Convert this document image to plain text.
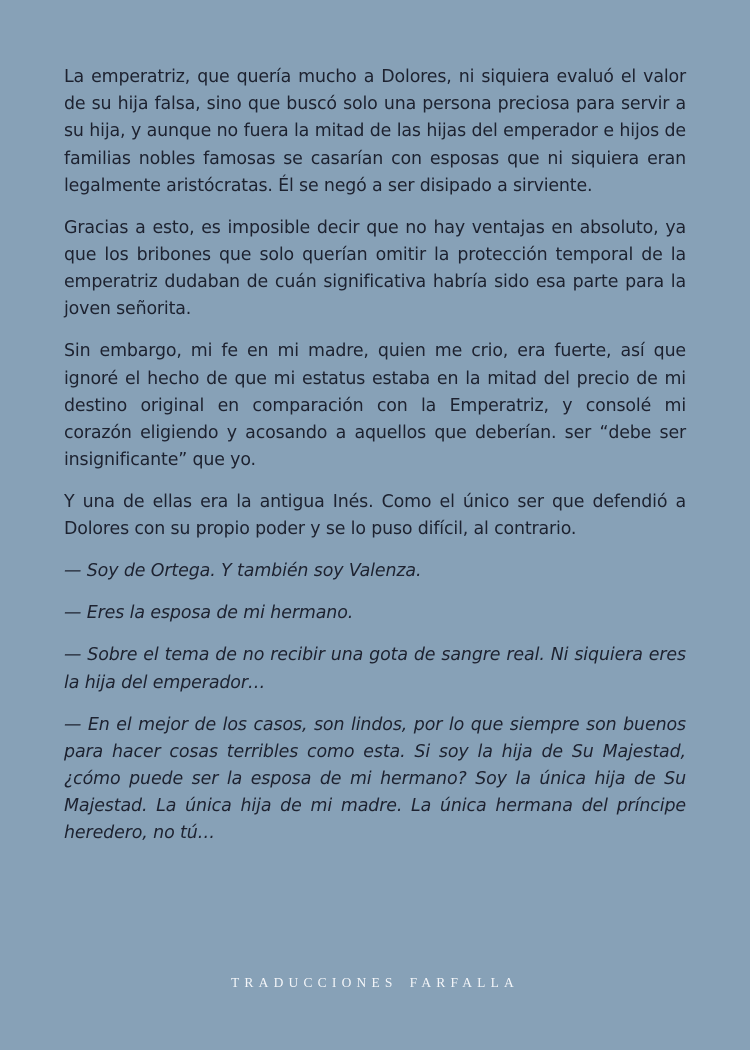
La emperatriz, que quería mucho a Dolores, ni siquiera evaluó el valor de su hija falsa, sino que buscó solo una persona preciosa para servir a su hija, y aunque no fuera la mitad de las hijas del emperador e hijos de familias nobles famosas se casarían con esposas que ni siquiera eran legalmente aristócratas. Él se negó a ser disipado a sirviente.

Gracias a esto, es imposible decir que no hay ventajas en absoluto, ya que los bribones que solo querían omitir la protección temporal de la emperatriz dudaban de cuán significativa habría sido esa parte para la joven señorita.

Sin embargo, mi fe en mi madre, quien me crio, era fuerte, así que ignoré el hecho de que mi estatus estaba en la mitad del precio de mi destino original en comparación con la Emperatriz, y consolé mi corazón eligiendo y acosando a aquellos que deberían. ser “debe ser insignificante” que yo.

Y una de ellas era la antigua Inés. Como el único ser que defendió a Dolores con su propio poder y se lo puso difícil, al contrario.

— Soy de Ortega. Y también soy Valenza.

— Eres la esposa de mi hermano.

— Sobre el tema de no recibir una gota de sangre real. Ni siquiera eres la hija del emperador…

— En el mejor de los casos, son lindos, por lo que siempre son buenos para hacer cosas terribles como esta. Si soy la hija de Su Majestad, ¿cómo puede ser la esposa de mi hermano? Soy la única hija de Su Majestad. La única hija de mi madre. La única hermana del príncipe heredero, no tú…

TRADUCCIONES FARFALLA
